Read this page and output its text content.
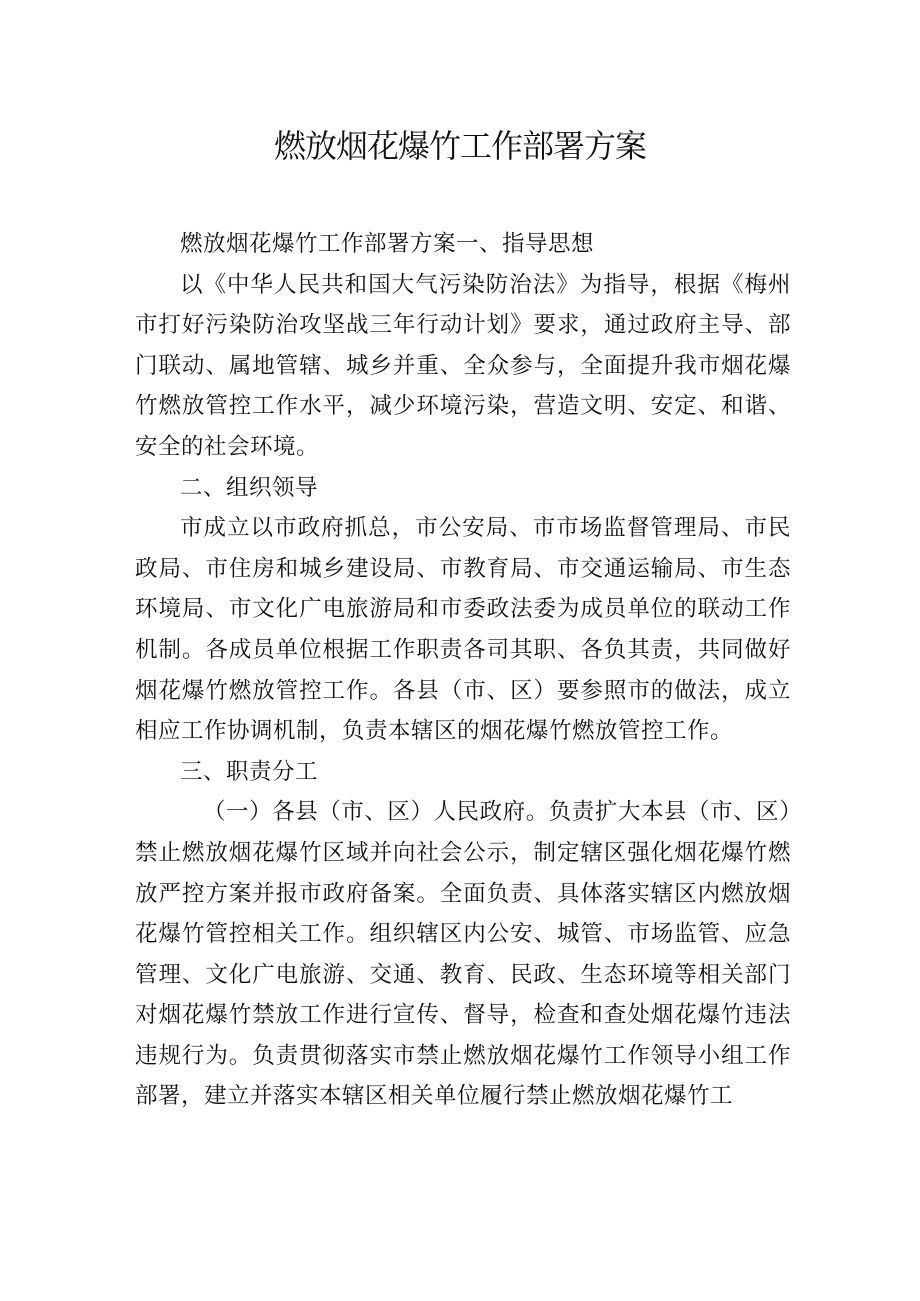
燃放烟花爆竹工作部署方案

燃放烟花爆竹工作部署方案一、指导思想

以《中华人民共和国大气污染防治法》为指导，根据《梅州市打好污染防治攻坚战三年行动计划》要求，通过政府主导、部门联动、属地管辖、城乡并重、全众参与，全面提升我市烟花爆竹燃放管控工作水平，减少环境污染，营造文明、安定、和谐、安全的社会环境。

二、组织领导

市成立以市政府抓总，市公安局、市市场监督管理局、市民政局、市住房和城乡建设局、市教育局、市交通运输局、市生态环境局、市文化广电旅游局和市委政法委为成员单位的联动工作机制。各成员单位根据工作职责各司其职、各负其责，共同做好烟花爆竹燃放管控工作。各县（市、区）要参照市的做法，成立相应工作协调机制，负责本辖区的烟花爆竹燃放管控工作。

三、职责分工

（一）各县（市、区）人民政府。负责扩大本县（市、区）禁止燃放烟花爆竹区域并向社会公示，制定辖区强化烟花爆竹燃放严控方案并报市政府备案。全面负责、具体落实辖区内燃放烟花爆竹管控相关工作。组织辖区内公安、城管、市场监管、应急管理、文化广电旅游、交通、教育、民政、生态环境等相关部门对烟花爆竹禁放工作进行宣传、督导，检查和查处烟花爆竹违法违规行为。负责贯彻落实市禁止燃放烟花爆竹工作领导小组工作部署，建立并落实本辖区相关单位履行禁止燃放烟花爆竹工
